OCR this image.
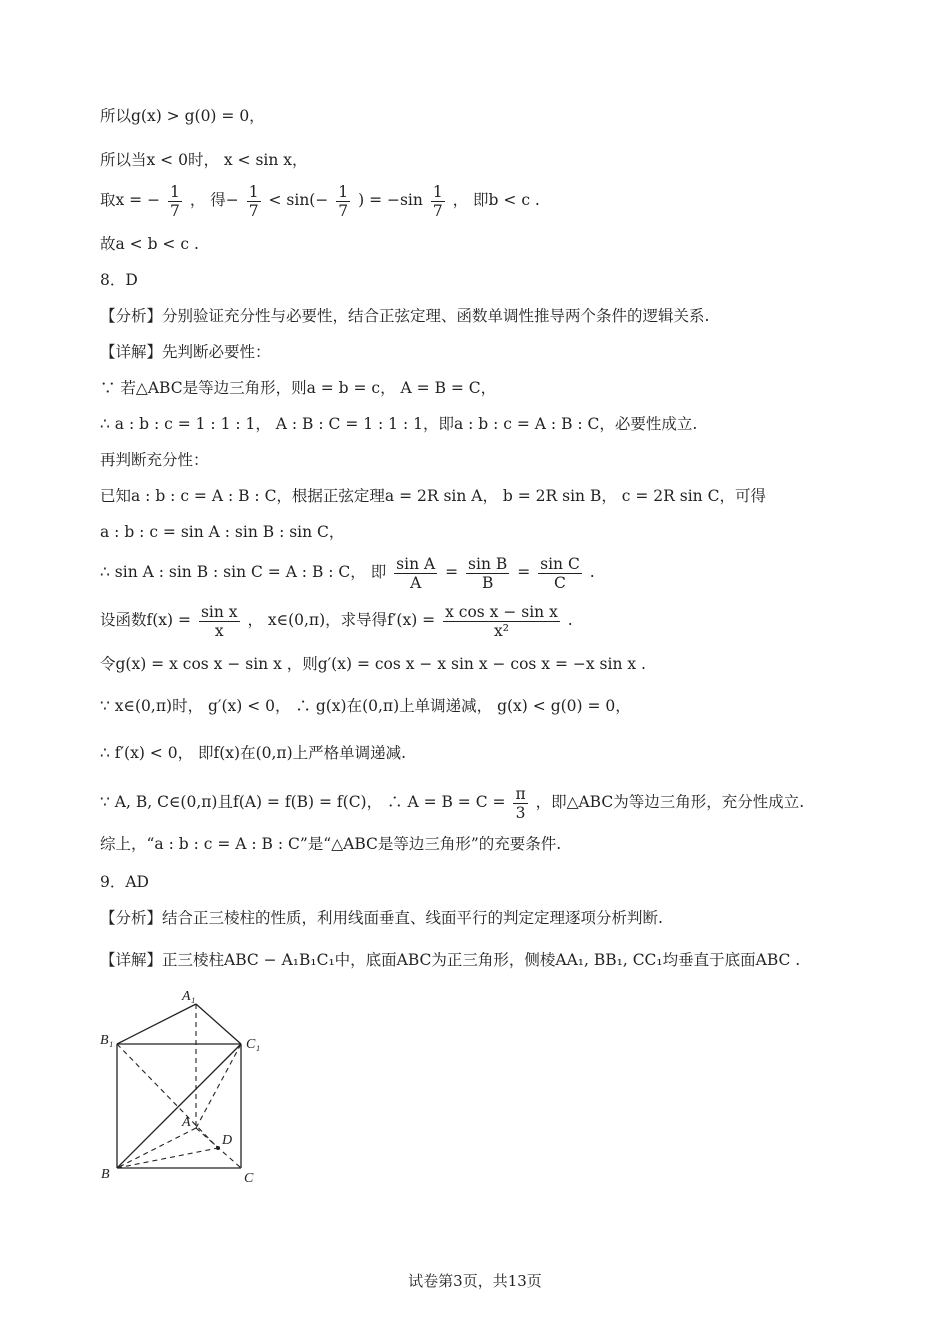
所以g(x) > g(0) = 0，
所以当x < 0时， x < sin x，
取x = − $\frac{1}{7}$ ， 得− $\frac{1}{7} < \sin(- \frac{1}{7}$ ) = $-\sin \frac{1}{7}$ ， 即b < c .
故a < b < c .
8．D
【分析】分别验证充分性与必要性，结合正弦定理、函数单调性推导两个条件的逻辑关系.
【详解】先判断必要性：
∵ 若△ABC是等边三角形，则a = b = c， A = B = C，
∴ a : b : c = 1 : 1 : 1， A : B : C = 1 : 1 : 1，即a : b : c = A : B : C，必要性成立.
再判断充分性：
已知a : b : c = A : B : C，根据正弦定理a = 2R sin A， b = 2R sin B， c = 2R sin C，可得
a : b : c = sin A : sin B : sin C，
∴ sin A : sin B : sin C = A : B : C， 即 $\frac{\text{sin A}}{A} = \frac{\text{sin B}}{B} = \frac{\text{sin C}}{C}$ .
设函数$f(x) = \frac{\text{sin x}}{x}$ ， x∈(0,π)，求导得$f'(x) = \frac{\text{x cos x − sin x}}{\text{x²}}$ .
令g(x) = x cos x − sin x ，则g′(x) = cos x − x sin x − cos x = −x sin x .
∵ x∈(0,π)时， g′(x) < 0， ∴ g(x)在(0,π)上单调递减， g(x) < g(0) = 0，
∴ f′(x) < 0， 即f(x)在(0,π)上严格单调递减.
∵ A, B, C∈(0,π)且f(A) = f(B) = f(C)， ∴ $A = B = C = \frac{\pi}{3}$ ，即△ABC为等边三角形，充分性成立.
综上，“a : b : c = A : B : C”是“△ABC是等边三角形”的充要条件.
9．AD
【分析】结合正三棱柱的性质，利用线面垂直、线面平行的判定定理逐项分析判断.
【详解】正三棱柱ABC − A₁B₁C₁中，底面ABC为正三角形，侧棱AA₁, BB₁, CC₁均垂直于底面ABC .
A₁
B₁	C₁
A
D
B	C
试卷第3页，共13页
